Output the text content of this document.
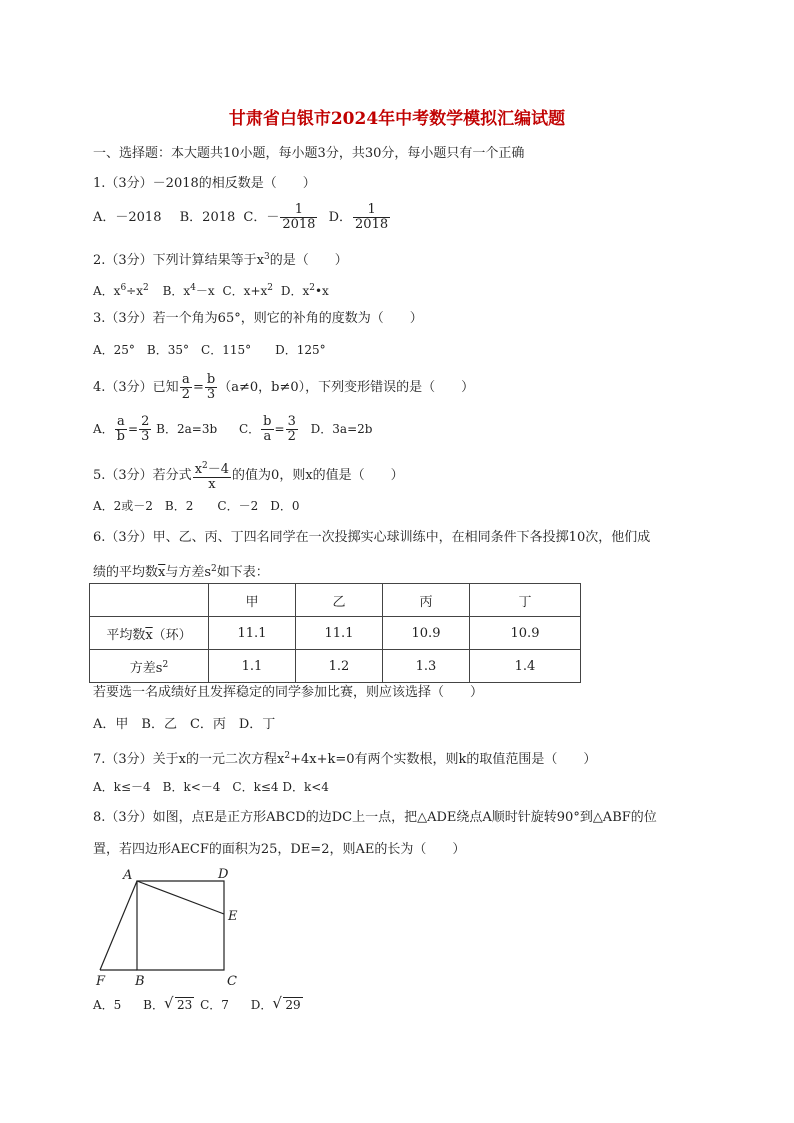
甘肃省白银市2024年中考数学模拟汇编试题
一、选择题：本大题共10小题，每小题3分，共30分，每小题只有一个正确
1.（3分）－2018的相反数是（　　）
A．－2018 B．2018 C．－ $\frac{1}{2018}$ D． $\frac{1}{2018}$
2.（3分）下列计算结果等于$x^3$的是（　　）
A．$x^6\div x^2$ B．$x^4-x$ C．$x+x^2$ D．$x^2•x$
3.（3分）若一个角为65°，则它的补角的度数为（　　）
A．25°　B．35°　C．115°　　D．125°
4.（3分）已知 $\frac{a}{2} = \frac{b}{3} (a\ne 0$，b≠0），下列变形错误的是（　　）
A． $\frac{a}{b} = \frac{2}{3}$ B．2a=3b C． $\frac{b}{a} = \frac{3}{2}$ D．3a=2b
5.（3分）若分式 $\frac{x^2-4}{x}$ 的值为0，则x的值是（　　）
A．2或－2　B．2　　C．－2　D．0
6.（3分）甲、乙、丙、丁四名同学在一次投掷实心球训练中，在相同条件下各投掷10次，他们成
绩的平均数$\overline{x}$与方差$s^2$如下表：
	甲	乙	丙	丁
平均数$\overline{x}$（环）	11.1	11.1	10.9	10.9
方差$s^2$	1.1	1.2	1.3	1.4
若要选一名成绩好且发挥稳定的同学参加比赛，则应该选择（　　）
A．甲　B．乙　C．丙　D．丁
7.（3分）关于x的一元二次方程$x^2+4x+k=0$有两个实数根，则k的取值范围是（　　）
A．k≤－4　B．k<－4　C．k≤4 D．k<4
8.（3分）如图，点E是正方形ABCD的边DC上一点，把△ADE绕点A顺时针旋转90°到△ABF的位
置，若四边形AECF的面积为25，DE=2，则AE的长为（　　）
A	D
E
F B	C
A．5 B． √ 23 C．7 D． √ 29
